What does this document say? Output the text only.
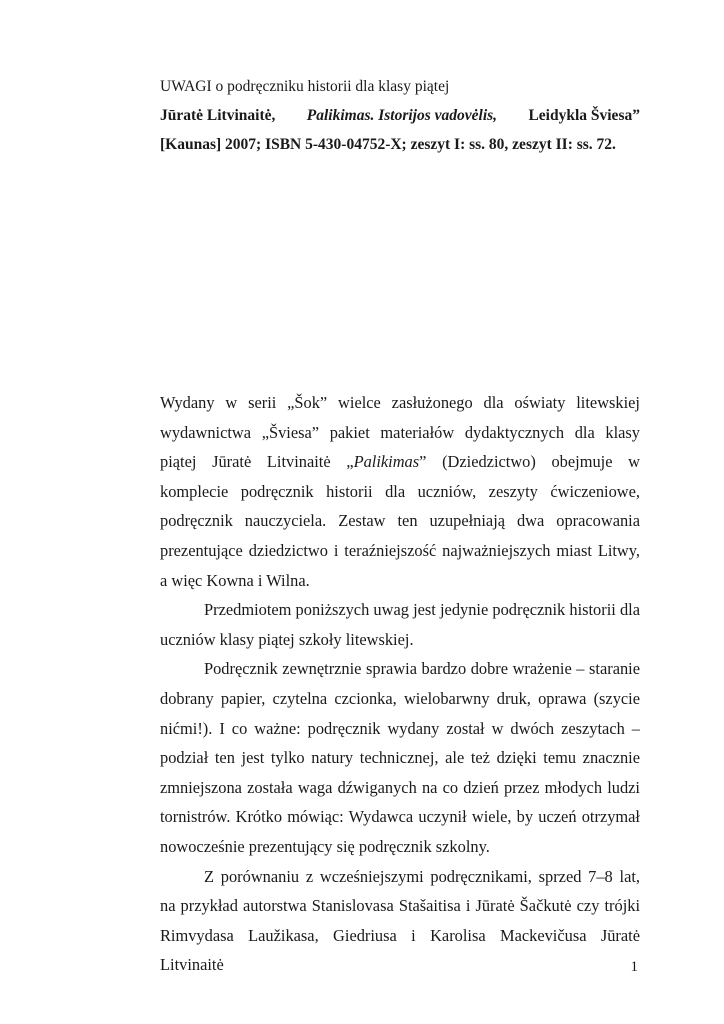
UWAGI o podręczniku historii dla klasy piątej
Jūratė Litvinaitė, Palikimas. Istorijos vadovėlis, Leidykla Šviesa”
[Kaunas] 2007; ISBN 5-430-04752-X; zeszyt I: ss. 80, zeszyt II: ss. 72.

Wydany w serii „Šok” wielce zasłużonego dla oświaty litewskiej wydawnictwa „Šviesa” pakiet materiałów dydaktycznych dla klasy piątej Jūratė Litvinaitė „Palikimas” (Dziedzictwo) obejmuje w komplecie podręcznik historii dla uczniów, zeszyty ćwiczeniowe, podręcznik nauczyciela. Zestaw ten uzupełniają dwa opracowania prezentujące dziedzictwo i teraźniejszość najważniejszych miast Litwy, a więc Kowna i Wilna.

Przedmiotem poniższych uwag jest jedynie podręcznik historii dla uczniów klasy piątej szkoły litewskiej.

Podręcznik zewnętrznie sprawia bardzo dobre wrażenie – staranie dobrany papier, czytelna czcionka, wielobarwny druk, oprawa (szycie nićmi!). I co ważne: podręcznik wydany został w dwóch zeszytach – podział ten jest tylko natury technicznej, ale też dzięki temu znacznie zmniejszona została waga dźwiganych na co dzień przez młodych ludzi tornistrów. Krótko mówiąc: Wydawca uczynił wiele, by uczeń otrzymał nowocześnie prezentujący się podręcznik szkolny.

Z porównaniu z wcześniejszymi podręcznikami, sprzed 7–8 lat, na przykład autorstwa Stanislovasa Stašaitisa i Jūratė Šačkutė czy trójki Rimvydasa Laužikasa, Giedriusa i Karolisa Mackevičusa Jūratė Litvinaitė	1
